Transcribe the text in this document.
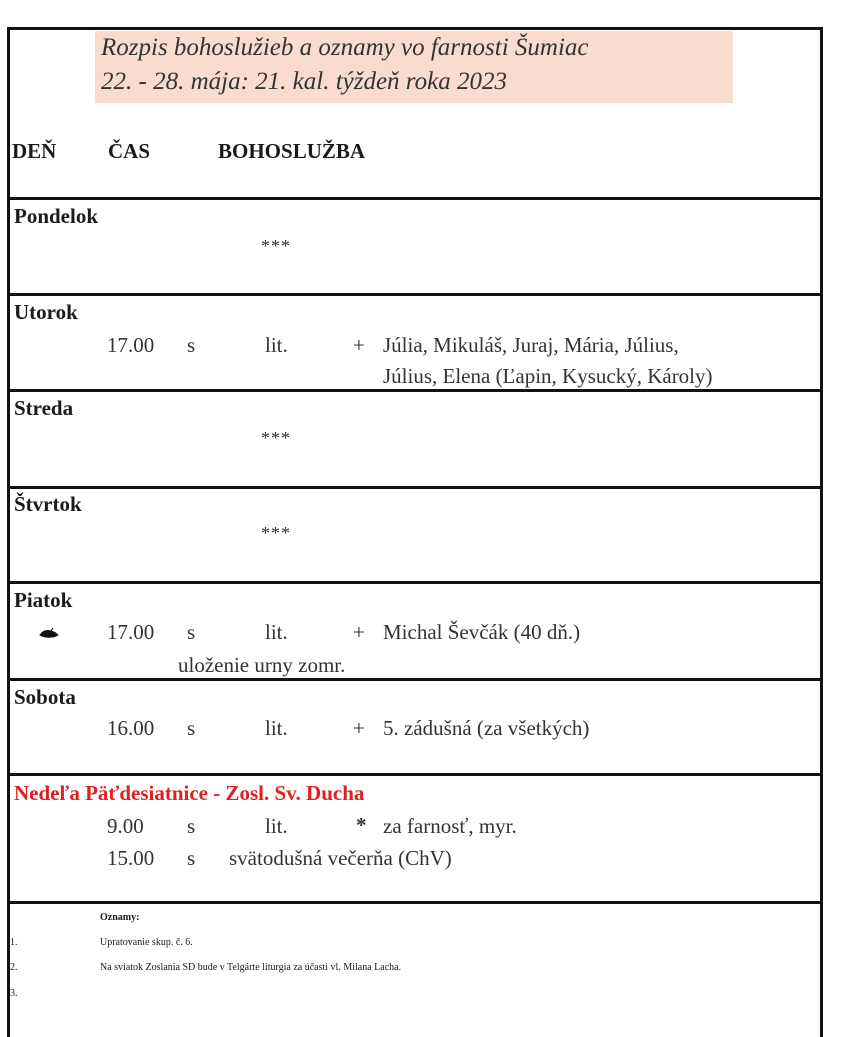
Rozpis bohoslužieb a oznamy vo farnosti Šumiac
22. - 28. mája: 21. kal. týždeň roka 2023
DEŇ ČAS	BOHOSLUŽBA
Pondelok
***
Utorok
17.00 s	lit.	+ Júlia, Mikuláš, Juraj, Mária, Július,
Július, Elena (Ľapin, Kysucký, Károly)
Streda
***
Štvrtok
***
Piatok
17.00 s	lit.	+ Michal Ševčák (40 dň.)
uloženie urny zomr.
Sobota
16.00 s	lit.	+ 5. zádušná (za všetkých)
Nedeľa Päťdesiatnice - Zosl. Sv. Ducha
9.00 s	lit.	* za farnosť, myr.
15.00 s svätodušná večerňa (ChV)
Oznamy:
1.	Upratovanie skup. č. 6.
2.	Na sviatok Zoslania SD bude v Telgárte liturgia za účasti vl. Milana Lacha.
3.
